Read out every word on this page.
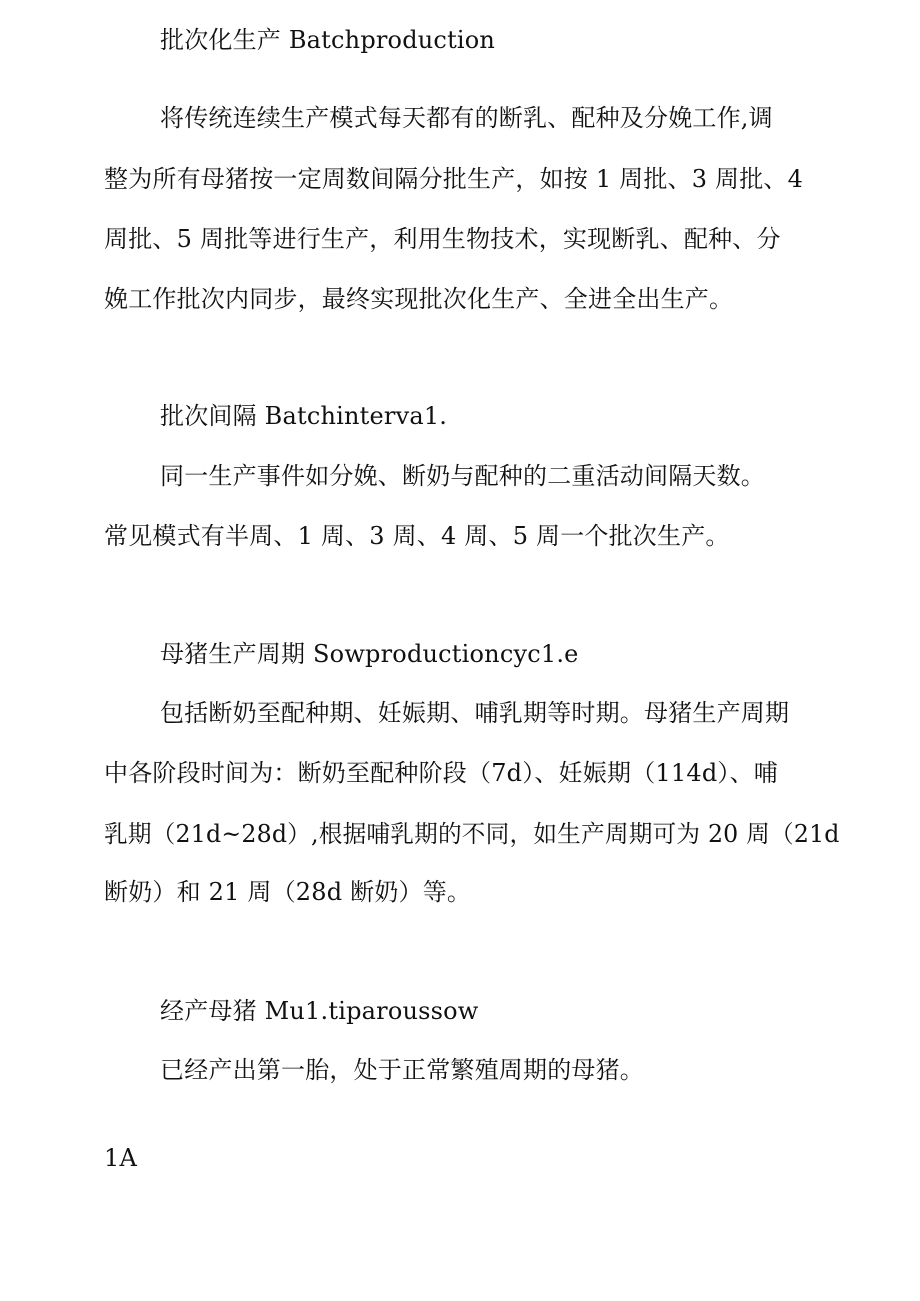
批次化生产 Batchproduction
将传统连续生产模式每天都有的断乳、配种及分娩工作,调
整为所有母猪按一定周数间隔分批生产，如按 1 周批、3 周批、4
周批、5 周批等进行生产，利用生物技术，实现断乳、配种、分
娩工作批次内同步，最终实现批次化生产、全进全出生产。
批次间隔 Batchinterva1.
同一生产事件如分娩、断奶与配种的二重活动间隔天数。
常见模式有半周、1 周、3 周、4 周、5 周一个批次生产。
母猪生产周期 Sowproductioncyc1.e
包括断奶至配种期、妊娠期、哺乳期等时期。母猪生产周期
中各阶段时间为：断奶至配种阶段（7d）、妊娠期（114d）、哺
乳期（21d~28d）,根据哺乳期的不同，如生产周期可为 20 周（21d
断奶）和 21 周（28d 断奶）等。
经产母猪 Mu1.tiparoussow
已经产出第一胎，处于正常繁殖周期的母猪。
1A
